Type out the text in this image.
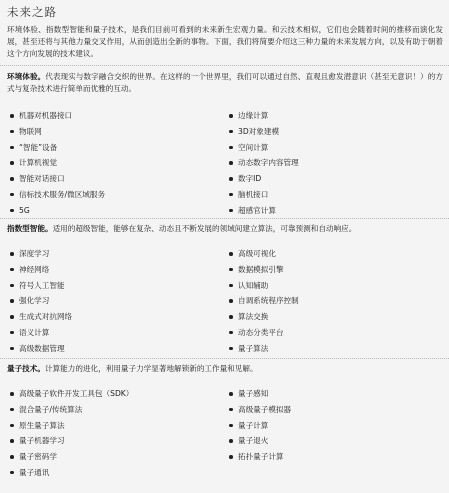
未来之路
环境体验、指数型智能和量子技术，是我们目前可看到的未来新生宏观力量。和云技术相似，它们也会随着时间的推移而演化发展，甚至还将与其他力量交叉作用，从而创造出全新的事物。下面，我们将简要介绍这三种力量的未来发展方向，以及有助于朝着这个方向发展的技术建议。
环境体验。代表现实与数字融合交织的世界。在这样的一个世界里，我们可以通过自然、直观且愈发潜意识（甚至无意识！）的方式与复杂技术进行简单而优雅的互动。
机器对机器接口
物联网
“智能”设备
计算机视觉
智能对话接口
信标技术服务/微区域服务
5G
边缘计算
3D对象建模
空间计算
动态数字内容管理
数字ID
脑机接口
超感官计算
指数型智能。适用的超级智能，能够在复杂、动态且不断发展的领域间建立算法，可靠预测和自动响应。
深度学习
神经网络
符号人工智能
强化学习
生成式对抗网络
语义计算
高级数据管理
高级可视化
数据模拟引擎
认知辅助
自调系统程序控制
算法交换
动态分类平台
量子算法
量子技术。计算能力的进化，利用量子力学显著地解锁新的工作量和见解。
高级量子软件开发工具包（SDK）
混合量子/传统算法
原生量子算法
量子机器学习
量子密码学
量子通讯
量子感知
高级量子模拟器
量子计算
量子退火
拓扑量子计算
